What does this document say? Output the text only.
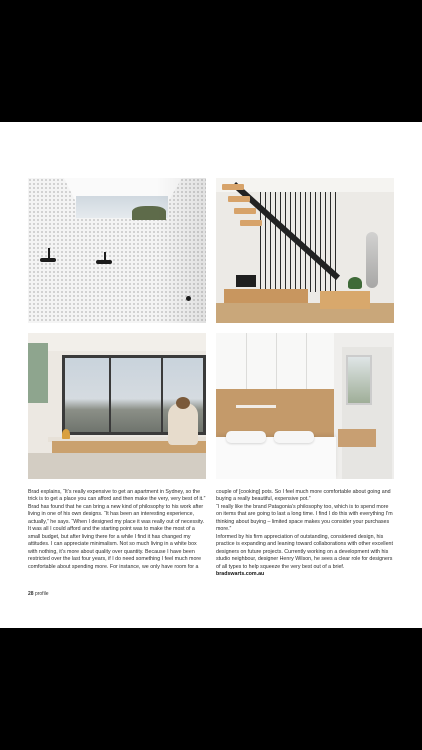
Brad explains, “It’s really expensive to get an apartment in Sydney, so the trick is to get a place you can afford and then make the very, very best of it.”

Brad has found that he can bring a new kind of philosophy to his work after living in one of his own designs. “It has been an interesting experience, actually,” he says. “When I designed my place it was really out of necessity. It was all I could afford and the starting point was to make the most of a small budget, but after living there for a while I find it has changed my attitudes. I can appreciate minimalism. Not so much living in a white box with nothing, it’s more about quality over quantity. Because I have been restricted over the last four years, if I do need something I feel much more comfortable about spending more. For instance, we only have room for a

couple of [cooking] pots. So I feel much more comfortable about going and buying a really beautiful, expensive pot.”

“I really like the brand Patagonia’s philosophy too, which is to spend more on items that are going to last a long time. I find I do this with everything I’m thinking about buying – limited space makes you consider your purchases more.”

Informed by his firm appreciation of outstanding, considered design, his practice is expanding and leaning toward collaborations with other excellent designers on future projects. Currently working on a development with his studio neighbour, designer Henry Wilson, he sees a clear role for designers of all types to help squeeze the very best out of a brief.

bradswarts.com.au

28 profile
